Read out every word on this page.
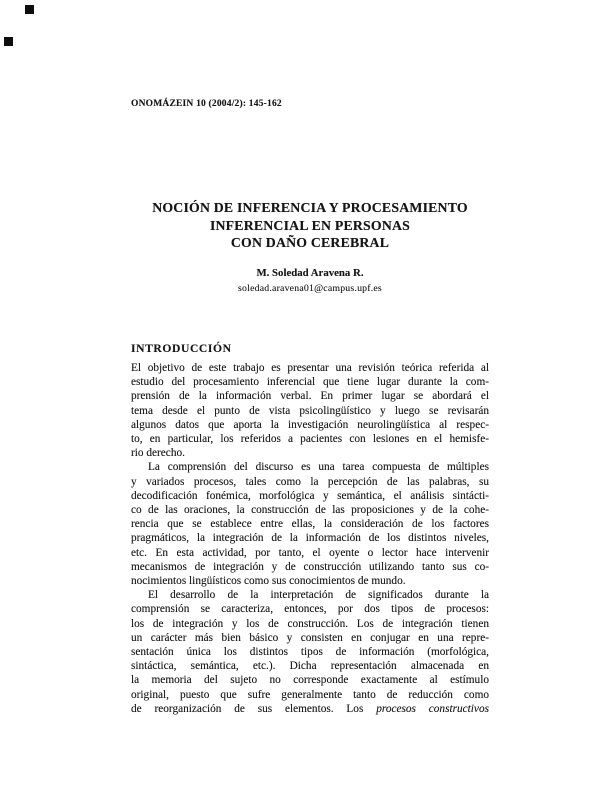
ONOMÁZEIN 10 (2004/2): 145-162
NOCIÓN DE INFERENCIA Y PROCESAMIENTO
INFERENCIAL EN PERSONAS
CON DAÑO CEREBRAL
M. Soledad Aravena R.
soledad.aravena01@campus.upf.es
INTRODUCCIÓN
El objetivo de este trabajo es presentar una revisión teórica referida al
estudio del procesamiento inferencial que tiene lugar durante la com-
prensión de la información verbal. En primer lugar se abordará el
tema desde el punto de vista psicolingüístico y luego se revisarán
algunos datos que aporta la investigación neurolingüística al respec-
to, en particular, los referidos a pacientes con lesiones en el hemisfe-
rio derecho.
La comprensión del discurso es una tarea compuesta de múltiples
y variados procesos, tales como la percepción de las palabras, su
decodificación fonémica, morfológica y semántica, el análisis sintácti-
co de las oraciones, la construcción de las proposiciones y de la cohe-
rencia que se establece entre ellas, la consideración de los factores
pragmáticos, la integración de la información de los distintos niveles,
etc. En esta actividad, por tanto, el oyente o lector hace intervenir
mecanismos de integración y de construcción utilizando tanto sus co-
nocimientos lingüísticos como sus conocimientos de mundo.
El desarrollo de la interpretación de significados durante la
comprensión se caracteriza, entonces, por dos tipos de procesos:
los de integración y los de construcción. Los de integración tienen
un carácter más bien básico y consisten en conjugar en una repre-
sentación única los distintos tipos de información (morfológica,
sintáctica, semántica, etc.). Dicha representación almacenada en
la memoria del sujeto no corresponde exactamente al estímulo
original, puesto que sufre generalmente tanto de reducción como
de reorganización de sus elementos. Los procesos constructivos
